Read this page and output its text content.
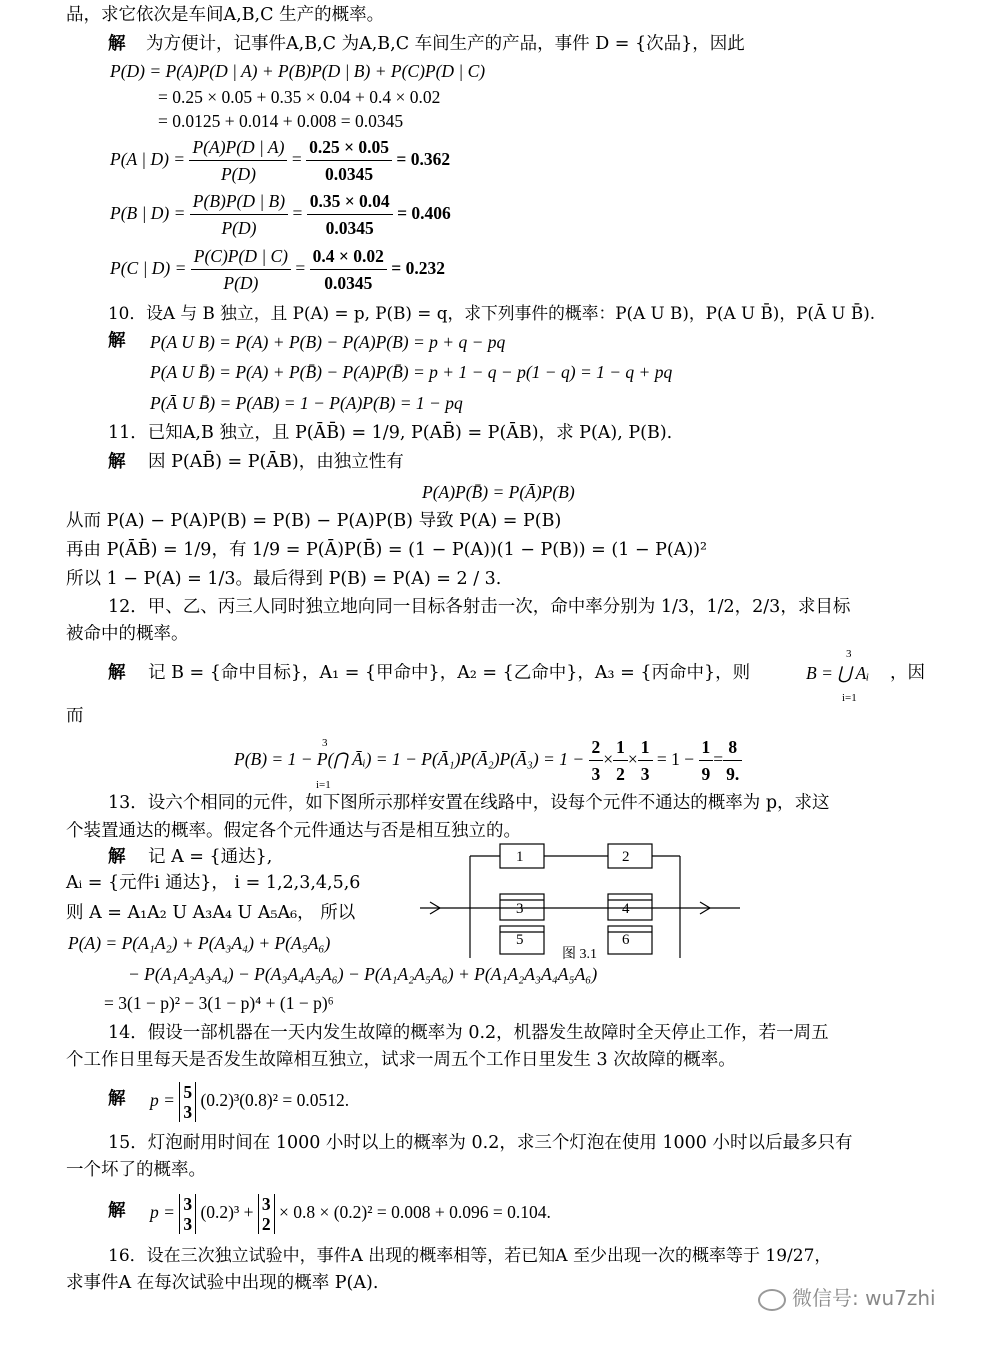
品，求它依次是车间A,B,C 生产的概率。
解 为方便计，记事件A,B,C 为A,B,C 车间生产的产品，事件 D = {次品}，因此
P(D) = P(A)P(D | A) + P(B)P(D | B) + P(C)P(D | C)
= 0.25 × 0.05 + 0.35 × 0.04 + 0.4 × 0.02
= 0.0125 + 0.014 + 0.008 = 0.0345
P(A | $D) = \frac{P(A)P(D | A)}{P(D)} = \frac{0.25 \times 0.05}{0.0345} = 0.362$
P(B | $D) = \frac{P(B)P(D | B)}{P(D)} = \frac{0.35 \times 0.04}{0.0345} = 0.406$
P(C | $D) = \frac{P(C)P(D | C)}{P(D)} = \frac{0.4 \times 0.02}{0.0345} = 0.232$
10．设A 与 B 独立，且 P(A) = p, P(B) = q，求下列事件的概率：P(A U B)，P(A U B̄)，P(Ā U B̄).
解 P(A U B) = P(A) + P(B) − P(A)P(B) = p + q − pq
P(A U B̄) = P(A) + P(B̄) − P(A)P(B̄) = p + 1 − q − p(1 − q) = 1 − q + pq
P(Ā U B̄) = P(AB) = 1 − P(A)P(B) = 1 − pq
11．已知A,B 独立，且 P(ĀB̄) = 1/9, P(AB̄) = P(ĀB)，求 P(A), P(B).
解 因 P(AB̄) = P(ĀB)，由独立性有
P(A)P(B̄) = P(Ā)P(B)
从而 P(A) − P(A)P(B) = P(B) − P(A)P(B) 导致 P(A) = P(B)
再由 P(ĀB̄) = 1/9，有 1/9 = P(Ā)P(B̄) = (1 − P(A))(1 − P(B)) = (1 − P(A))²
所以 1 − P(A) = 1/3。最后得到 P(B) = P(A) = 2 / 3.
12．甲、乙、丙三人同时独立地向同一目标各射击一次，命中率分别为 1/3，1/2，2/3，求目标
被命中的概率。
解 记 B = {命中目标}，A₁ = {甲命中}，A₂ = {乙命中}，A₃ = {丙命中}，则	B = ⋃ Aᵢ
3
i=1
，因
而
P(B) = 1 − P(⋂ Āᵢ) = 1 − P(Ā₁)P(Ā₂)P(Ā₃) = $1 - \frac{2}{3} \times \frac{1}{2} \times \frac{1}{3} = 1 - \frac{1}{9} = \frac{8}{9.}$
3
i=1
13．设六个相同的元件，如下图所示那样安置在线路中，设每个元件不通达的概率为 p，求这
个装置通达的概率。假定各个元件通达与否是相互独立的。
解 记 A = {通达},
Aᵢ = {元件i 通达}， i = 1,2,3,4,5,6
则 A = A₁A₂ U A₃A₄ U A₅A₆， 所以
P(A) = P(A₁A₂) + P(A₃A₄) + P(A₅A₆)
− P(A₁A₂A₃A₄) − P(A₃A₄A₅A₆) − P(A₁A₂A₅A₆) + P(A₁A₂A₃A₄A₅A₆)
= 3(1 − p)² − 3(1 − p)⁴ + (1 − p)⁶
1	2
3	4
5	6
图 3.1
14．假设一部机器在一天内发生故障的概率为 0.2，机器发生故障时全天停止工作，若一周五
个工作日里每天是否发生故障相互独立，试求一周五个工作日里发生 3 次故障的概率。
解 p = 5
3
(0.2)³(0.8)² = 0.0512.
15．灯泡耐用时间在 1000 小时以上的概率为 0.2，求三个灯泡在使用 1000 小时以后最多只有
一个坏了的概率。
解 p = 3
3
(0.2)³ + 3
2
× 0.8 × (0.2)² = 0.008 + 0.096 = 0.104.
16．设在三次独立试验中，事件A 出现的概率相等，若已知A 至少出现一次的概率等于 19/27，
求事件A 在每次试验中出现的概率 P(A).
微信号: wu7zhi
